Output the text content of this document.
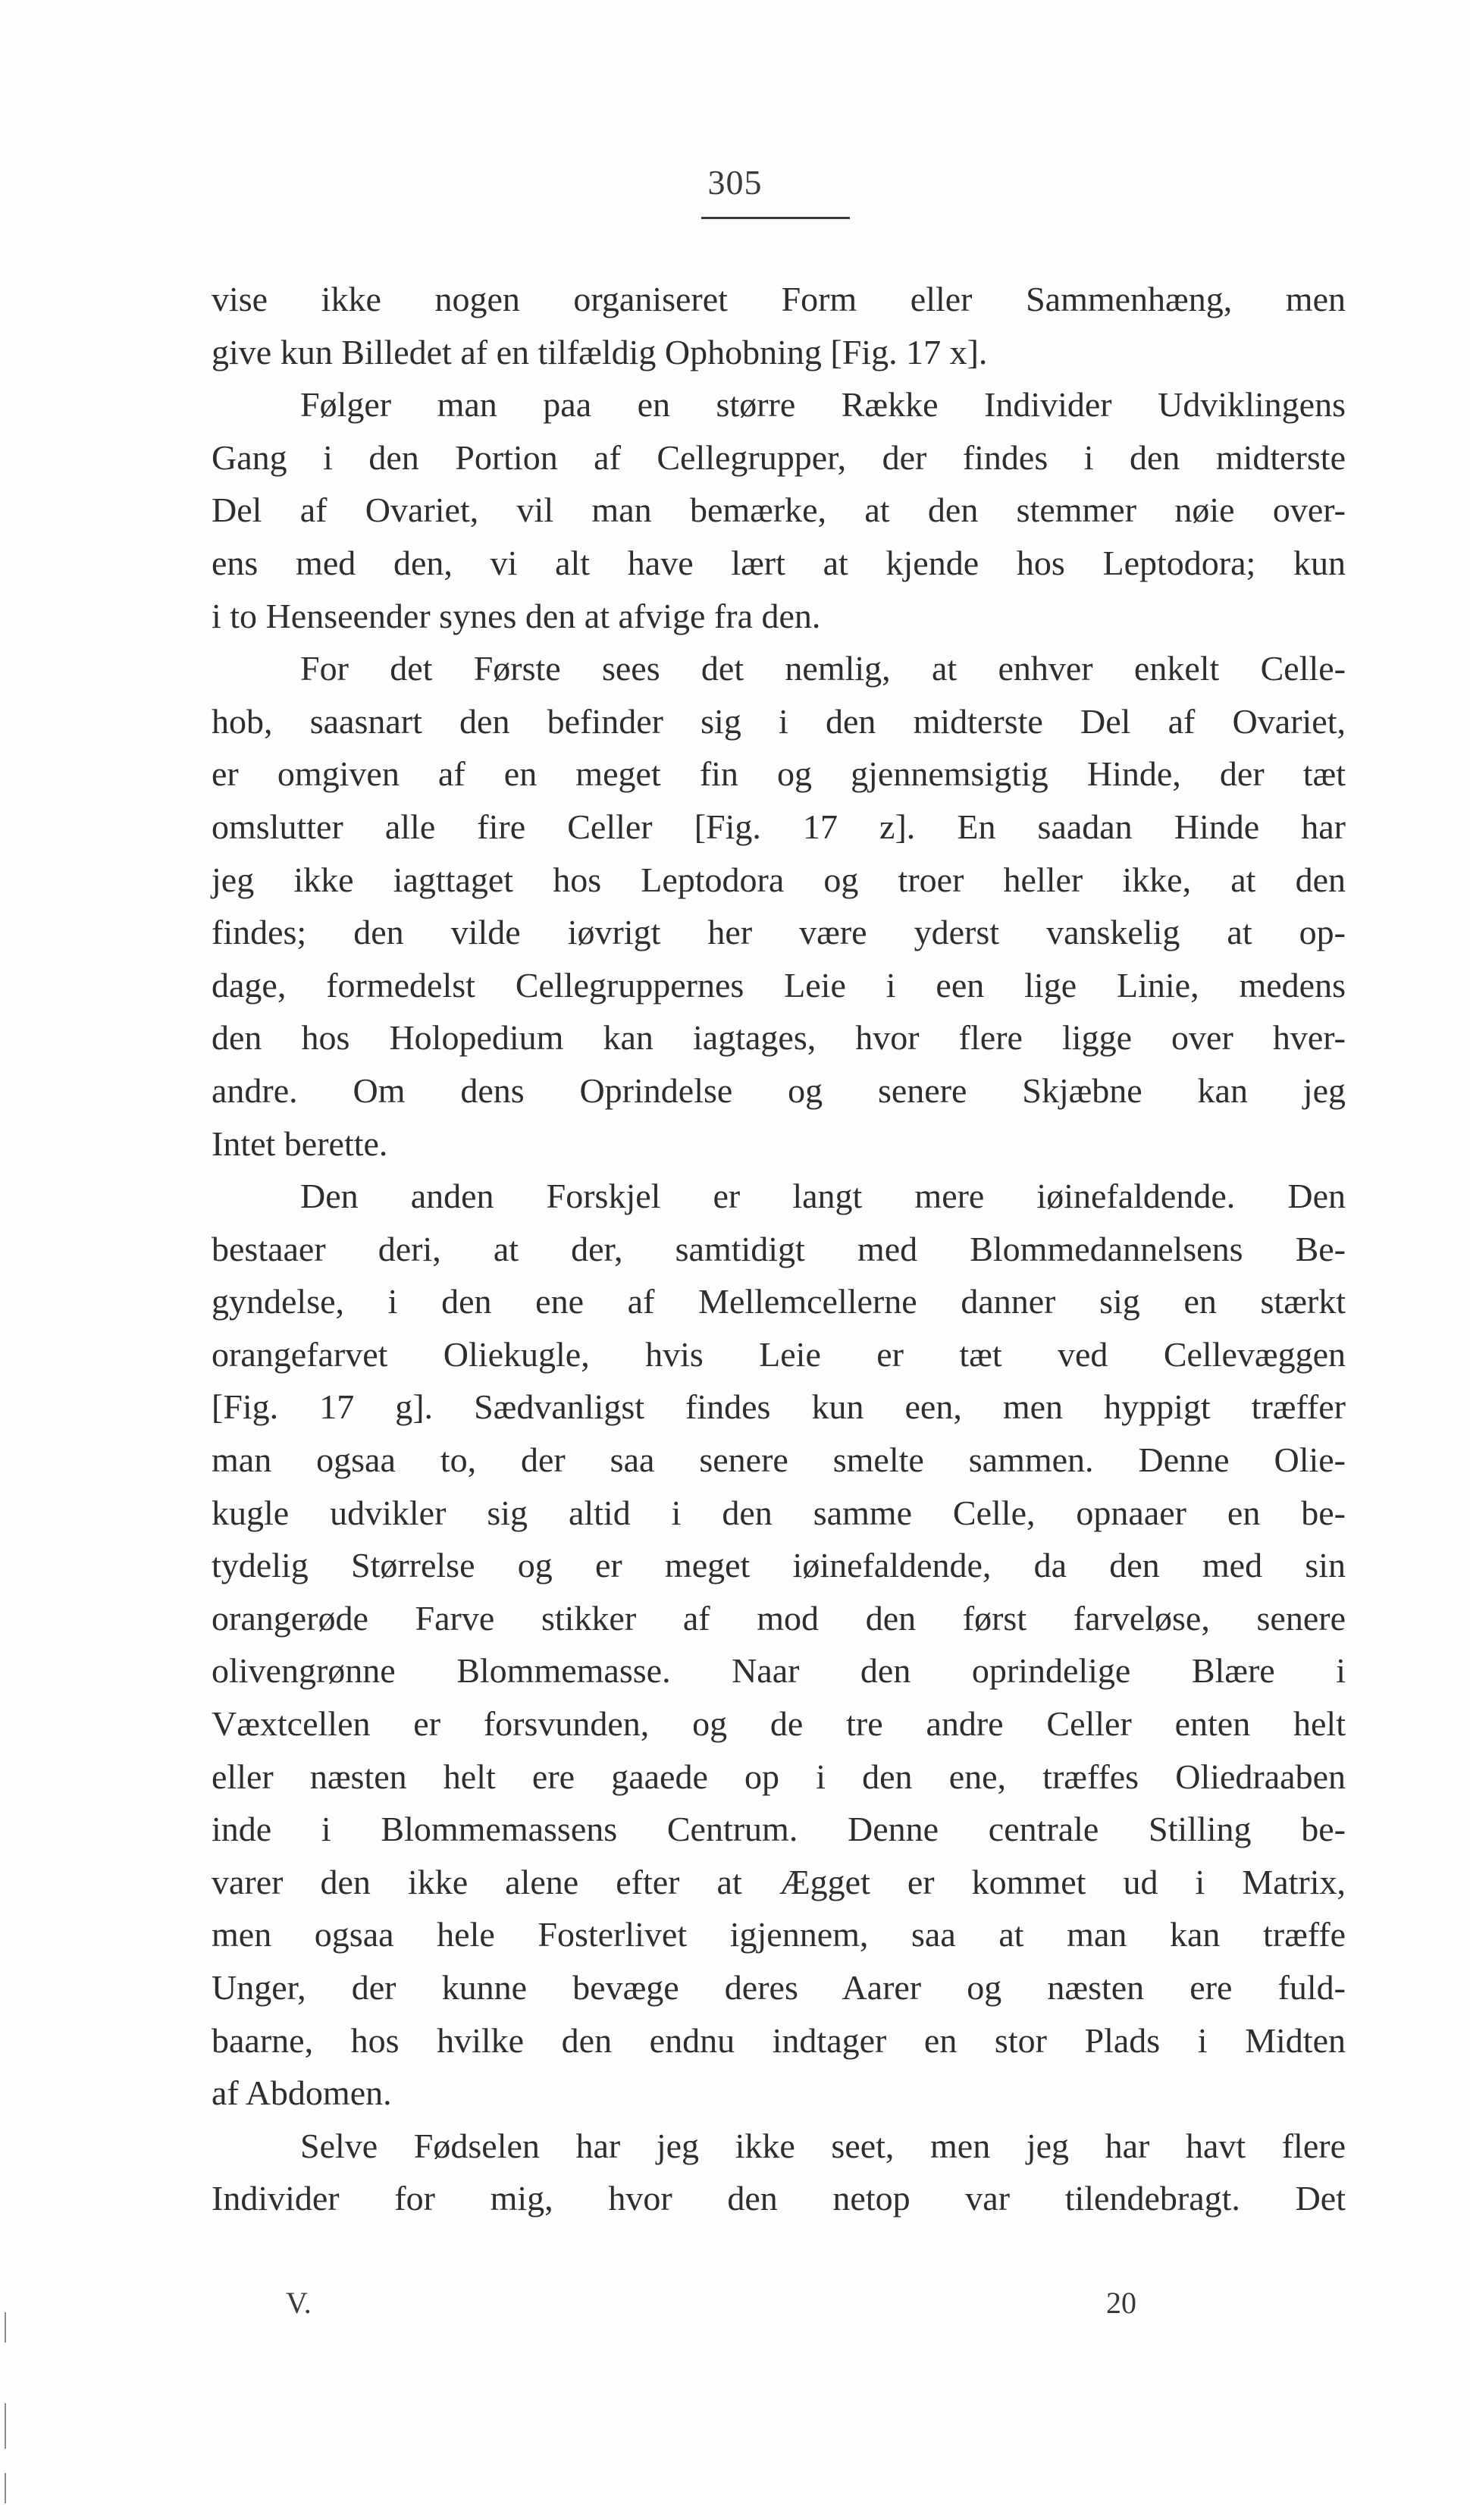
305
vise ikke nogen organiseret Form eller Sammenhæng, men
give kun Billedet af en tilfældig Ophobning [Fig. 17 x].
Følger man paa en større Række Individer Udviklingens
Gang i den Portion af Cellegrupper, der findes i den midterste
Del af Ovariet, vil man bemærke, at den stemmer nøie over-
ens med den, vi alt have lært at kjende hos Leptodora; kun
i to Henseender synes den at afvige fra den.
For det Første sees det nemlig, at enhver enkelt Celle-
hob, saasnart den befinder sig i den midterste Del af Ovariet,
er omgiven af en meget fin og gjennemsigtig Hinde, der tæt
omslutter alle fire Celler [Fig. 17 z]. En saadan Hinde har
jeg ikke iagttaget hos Leptodora og troer heller ikke, at den
findes; den vilde iøvrigt her være yderst vanskelig at op-
dage, formedelst Cellegruppernes Leie i een lige Linie, medens
den hos Holopedium kan iagtages, hvor flere ligge over hver-
andre. Om dens Oprindelse og senere Skjæbne kan jeg
Intet berette.
Den anden Forskjel er langt mere iøinefaldende. Den
bestaaer deri, at der, samtidigt med Blommedannelsens Be-
gyndelse, i den ene af Mellemcellerne danner sig en stærkt
orangefarvet Oliekugle, hvis Leie er tæt ved Cellevæggen
[Fig. 17 g]. Sædvanligst findes kun een, men hyppigt træffer
man ogsaa to, der saa senere smelte sammen. Denne Olie-
kugle udvikler sig altid i den samme Celle, opnaaer en be-
tydelig Størrelse og er meget iøinefaldende, da den med sin
orangerøde Farve stikker af mod den først farveløse, senere
olivengrønne Blommemasse. Naar den oprindelige Blære i
Væxtcellen er forsvunden, og de tre andre Celler enten helt
eller næsten helt ere gaaede op i den ene, træffes Oliedraaben
inde i Blommemassens Centrum. Denne centrale Stilling be-
varer den ikke alene efter at Ægget er kommet ud i Matrix,
men ogsaa hele Fosterlivet igjennem, saa at man kan træffe
Unger, der kunne bevæge deres Aarer og næsten ere fuld-
baarne, hos hvilke den endnu indtager en stor Plads i Midten
af Abdomen.
Selve Fødselen har jeg ikke seet, men jeg har havt flere
Individer for mig, hvor den netop var tilendebragt. Det
V.	20
